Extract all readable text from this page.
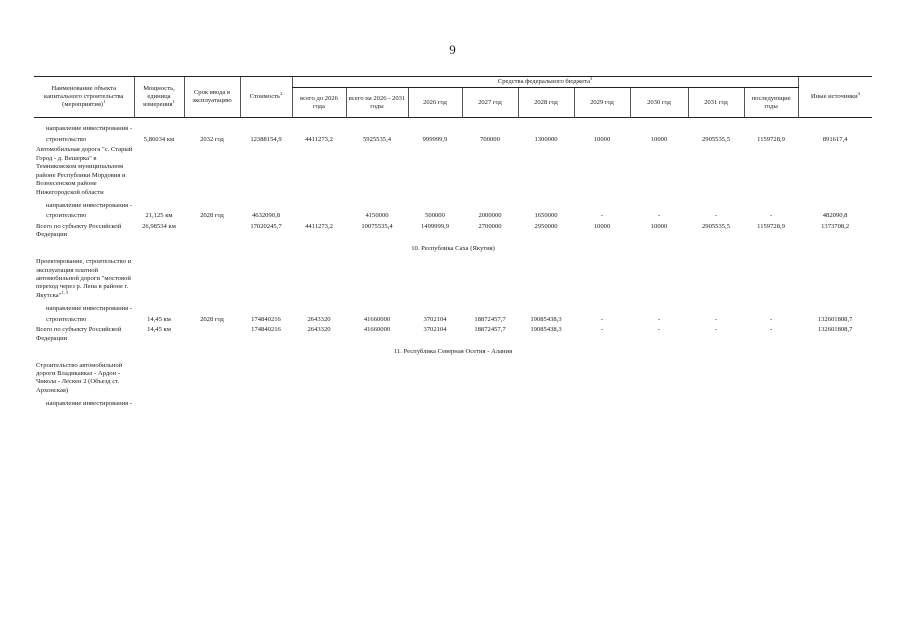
9
Наименование объекта капитального строительства (мероприятия)$^1$	Мощность, единица измерения$^1$	Срок ввода в эксплуатацию	Стоимость$^2$	Средства федерального бюджета$^3$									Иные источники$^4$
				всего до 2026 года	всего на 2026 - 2031 годы	2026 год	2027 год	2028 год	2029 год	2030 год	2031 год	последующие годы	

направление инвестирования -													
строительство	5,86034 км	2032 год	12388154,9	4411273,2	5925535,4	999999,9	700000	1300000	10000	10000	2905535,5	1159728,9	891617,4
Автомобильная дорога "с. Старый Город - д. Вешерка" в Темниковском муниципальном районе Республики Мордовия и Вознесенском районе Нижегородской области													
направление инвестирования -													
строительство	21,125 км	2028 год	4632090,8		4150000	500000	2000000	1650000	-	-	-	-	482090,8
Всего по субъекту Российской Федерации	26,98534 км		17020245,7	4411273,2	10075535,4	1499999,9	2700000	2950000	10000	10000	2905535,5	1159728,9	1373708,2
10. Республика Саха (Якутия)													
Проектирование, строительство и эксплуатация платной автомобильной дороги "мостовой переход через р. Лена в районе г. Якутска"$^{1, 5}$	
направление инвестирования -													
строительство	14,45 км	2028 год	174840216	2643320	41660000	3702104	18872457,7	19085438,3	-	-	-	-	132601808,7
Всего по субъекту Российской Федерации	14,45 км		174840216	2643320	41660000	3702104	18872457,7	19085438,3	-	-	-	-	132601808,7
11. Республика Северная Осетия - Алания													
Строительство автомобильной дороги Владикавказ - Ардон - Чикола - Лескен 2 (Объезд ст. Архонская)													
направление инвестирования -													
